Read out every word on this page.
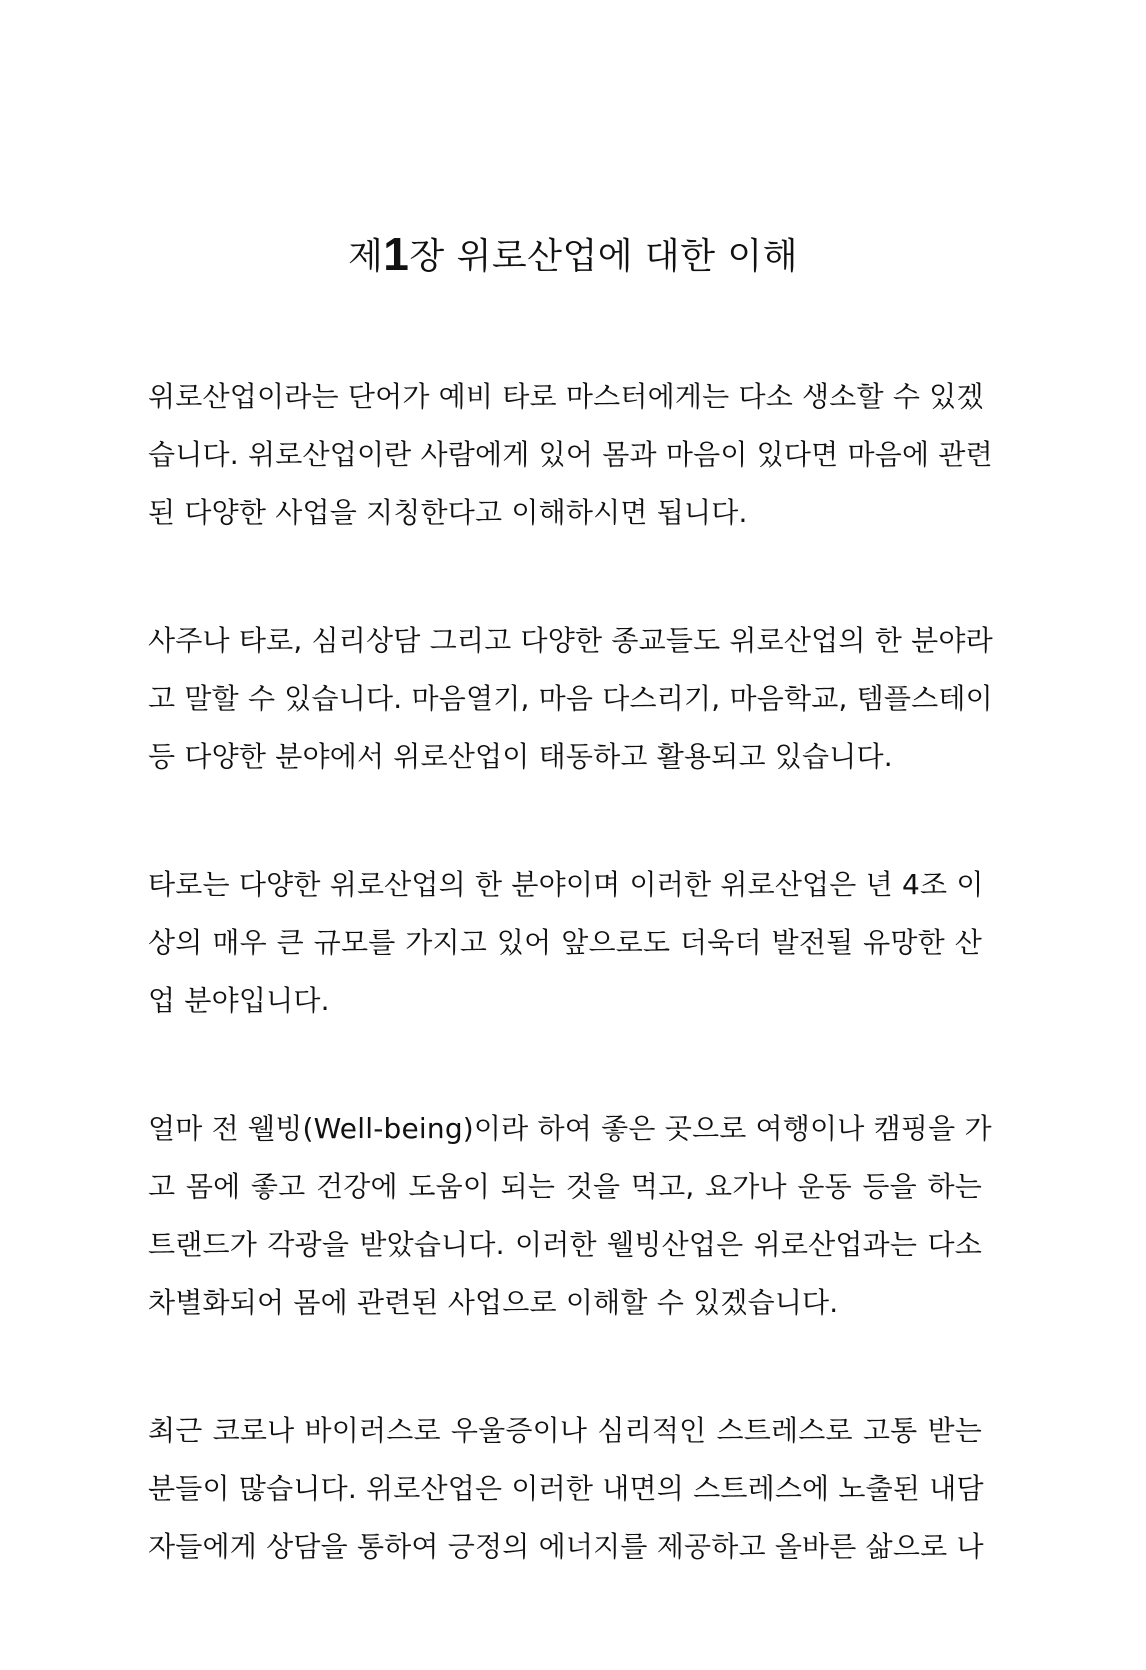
제1장 위로산업에 대한 이해

위로산업이라는 단어가 예비 타로 마스터에게는 다소 생소할 수 있겠
습니다. 위로산업이란 사람에게 있어 몸과 마음이 있다면 마음에 관련
된 다양한 사업을 지칭한다고 이해하시면 됩니다.

사주나 타로, 심리상담 그리고 다양한 종교들도 위로산업의 한 분야라
고 말할 수 있습니다. 마음열기, 마음 다스리기, 마음학교, 템플스테이
등 다양한 분야에서 위로산업이 태동하고 활용되고 있습니다.

타로는 다양한 위로산업의 한 분야이며 이러한 위로산업은 년 4조 이
상의 매우 큰 규모를 가지고 있어 앞으로도 더욱더 발전될 유망한 산
업 분야입니다.

얼마 전 웰빙(Well-being)이라 하여 좋은 곳으로 여행이나 캠핑을 가
고 몸에 좋고 건강에 도움이 되는 것을 먹고, 요가나 운동 등을 하는
트랜드가 각광을 받았습니다. 이러한 웰빙산업은 위로산업과는 다소
차별화되어 몸에 관련된 사업으로 이해할 수 있겠습니다.

최근 코로나 바이러스로 우울증이나 심리적인 스트레스로 고통 받는
분들이 많습니다. 위로산업은 이러한 내면의 스트레스에 노출된 내담
자들에게 상담을 통하여 긍정의 에너지를 제공하고 올바른 삶으로 나
